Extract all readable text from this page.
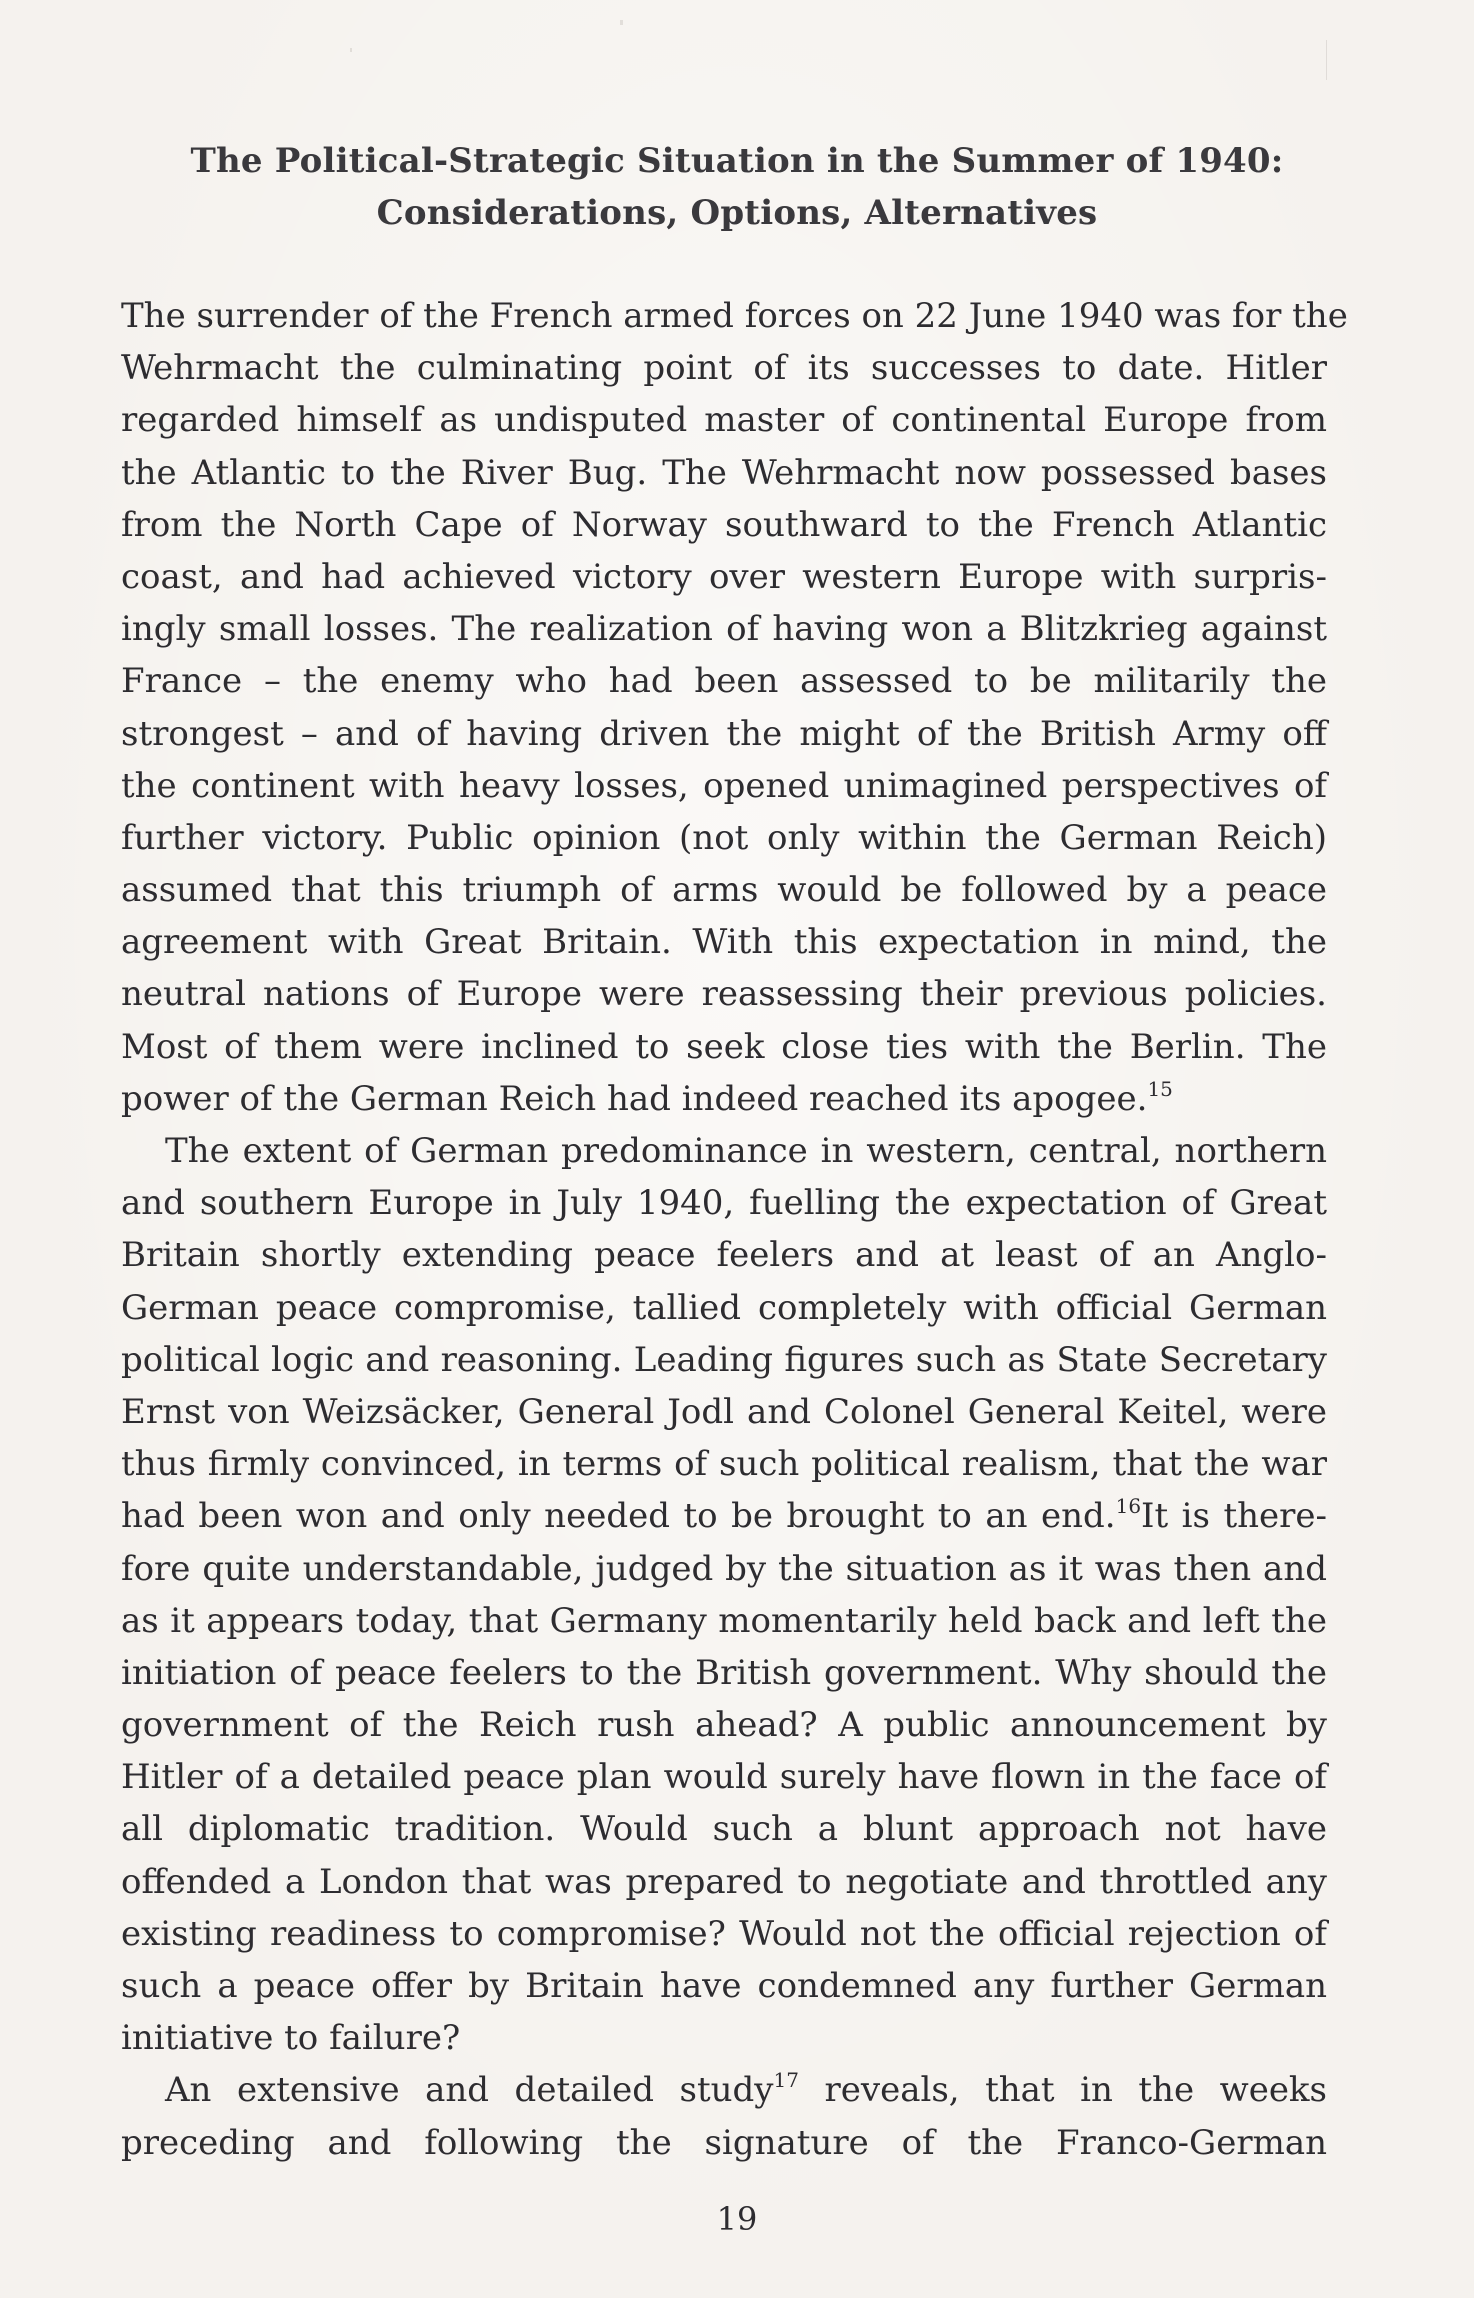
The Political-Strategic Situation in the Summer of 1940:
Considerations, Options, Alternatives
The surrender of the French armed forces on 22 June 1940 was for the
Wehrmacht the culminating point of its successes to date. Hitler
regarded himself as undisputed master of continental Europe from
the Atlantic to the River Bug. The Wehrmacht now possessed bases
from the North Cape of Norway southward to the French Atlantic
coast, and had achieved victory over western Europe with surpris-
ingly small losses. The realization of having won a Blitzkrieg against
France – the enemy who had been assessed to be militarily the
strongest – and of having driven the might of the British Army off
the continent with heavy losses, opened unimagined perspectives of
further victory. Public opinion (not only within the German Reich)
assumed that this triumph of arms would be followed by a peace
agreement with Great Britain. With this expectation in mind, the
neutral nations of Europe were reassessing their previous policies.
Most of them were inclined to seek close ties with the Berlin. The
power of the German Reich had indeed reached its apogee.$^{15}$
The extent of German predominance in western, central, northern
and southern Europe in July 1940, fuelling the expectation of Great
Britain shortly extending peace feelers and at least of an Anglo-
German peace compromise, tallied completely with official German
political logic and reasoning. Leading figures such as State Secretary
Ernst von Weizsäcker, General Jodl and Colonel General Keitel, were
thus firmly convinced, in terms of such political realism, that the war
had been won and only needed to be brought to an end.$^{16}$It is there-
fore quite understandable, judged by the situation as it was then and
as it appears today, that Germany momentarily held back and left the
initiation of peace feelers to the British government. Why should the
government of the Reich rush ahead? A public announcement by
Hitler of a detailed peace plan would surely have flown in the face of
all diplomatic tradition. Would such a blunt approach not have
offended a London that was prepared to negotiate and throttled any
existing readiness to compromise? Would not the official rejection of
such a peace offer by Britain have condemned any further German
initiative to failure?
An extensive and detailed study$^{17}$ reveals, that in the weeks
preceding and following the signature of the Franco-German
19
